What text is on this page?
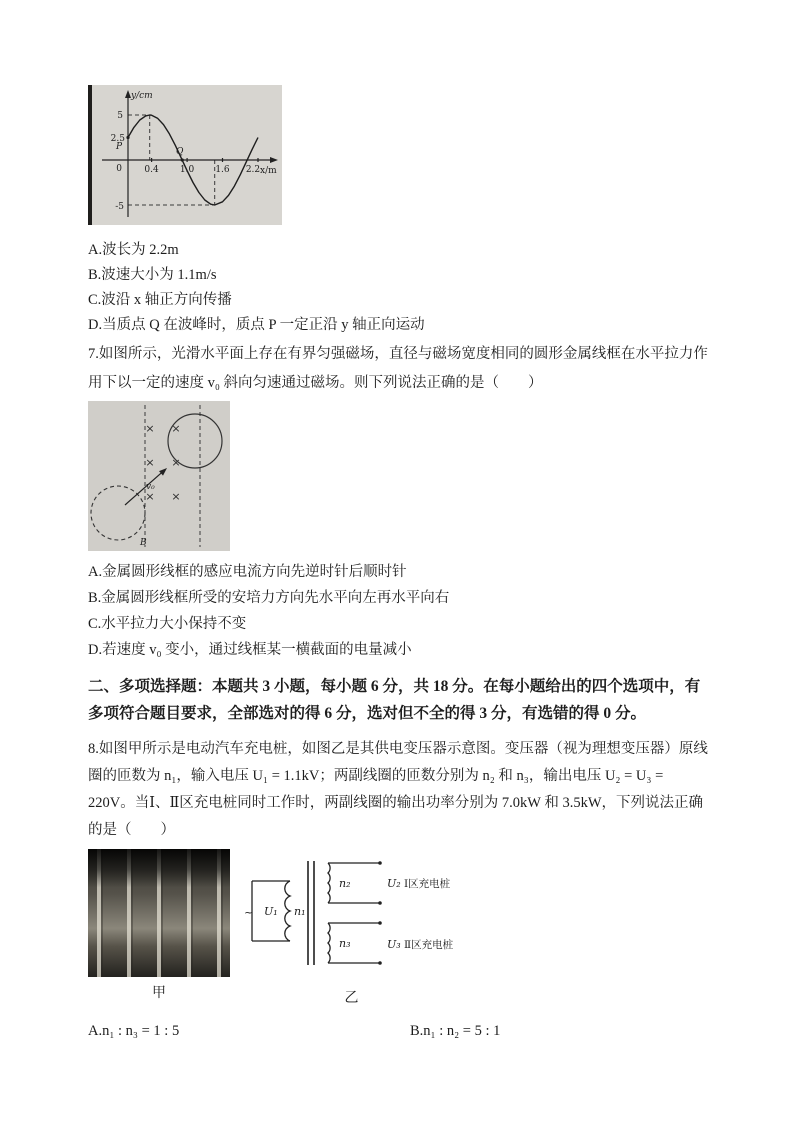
y/cm
x/m
5
2.5
-5
0 0.4 1.0 1.6 2.2
P	Q

A.波长为 2.2m

B.波速大小为 1.1m/s

C.波沿 x 轴正方向传播

D.当质点 Q 在波峰时，质点 P 一定正沿 y 轴正向运动

7.如图所示，光滑水平面上存在有界匀强磁场，直径与磁场宽度相同的圆形金属线框在水平拉力作用下以一定的速度 v₀ 斜向匀速通过磁场。则下列说法正确的是（　　）

× ×
× ×
× ×
v₀
B

A.金属圆形线框的感应电流方向先逆时针后顺时针

B.金属圆形线框所受的安培力方向先水平向左再水平向右

C.水平拉力大小保持不变

D.若速度 v₀ 变小，通过线框某一横截面的电量减小

二、多项选择题：本题共 3 小题，每小题 6 分，共 18 分。在每小题给出的四个选项中，有多项符合题目要求，全部选对的得 6 分，选对但不全的得 3 分，有选错的得 0 分。

8.如图甲所示是电动汽车充电桩，如图乙是其供电变压器示意图。变压器（视为理想变压器）原线圈的匝数为 n₁，输入电压 U₁ = 1.1kV；两副线圈的匝数分别为 n₂ 和 n₃，输出电压 U₂ = U₃ = 220V。当Ⅰ、Ⅱ区充电桩同时工作时，两副线圈的输出功率分别为 7.0kW 和 3.5kW，下列说法正确的是（　　）

甲
~ U₁ n₁
n₂	U₂ Ⅰ区充电桩
n₃	U₃ Ⅱ区充电桩
乙
A.n₁ : n₃ = 1 : 5	B.n₁ : n₂ = 5 : 1
